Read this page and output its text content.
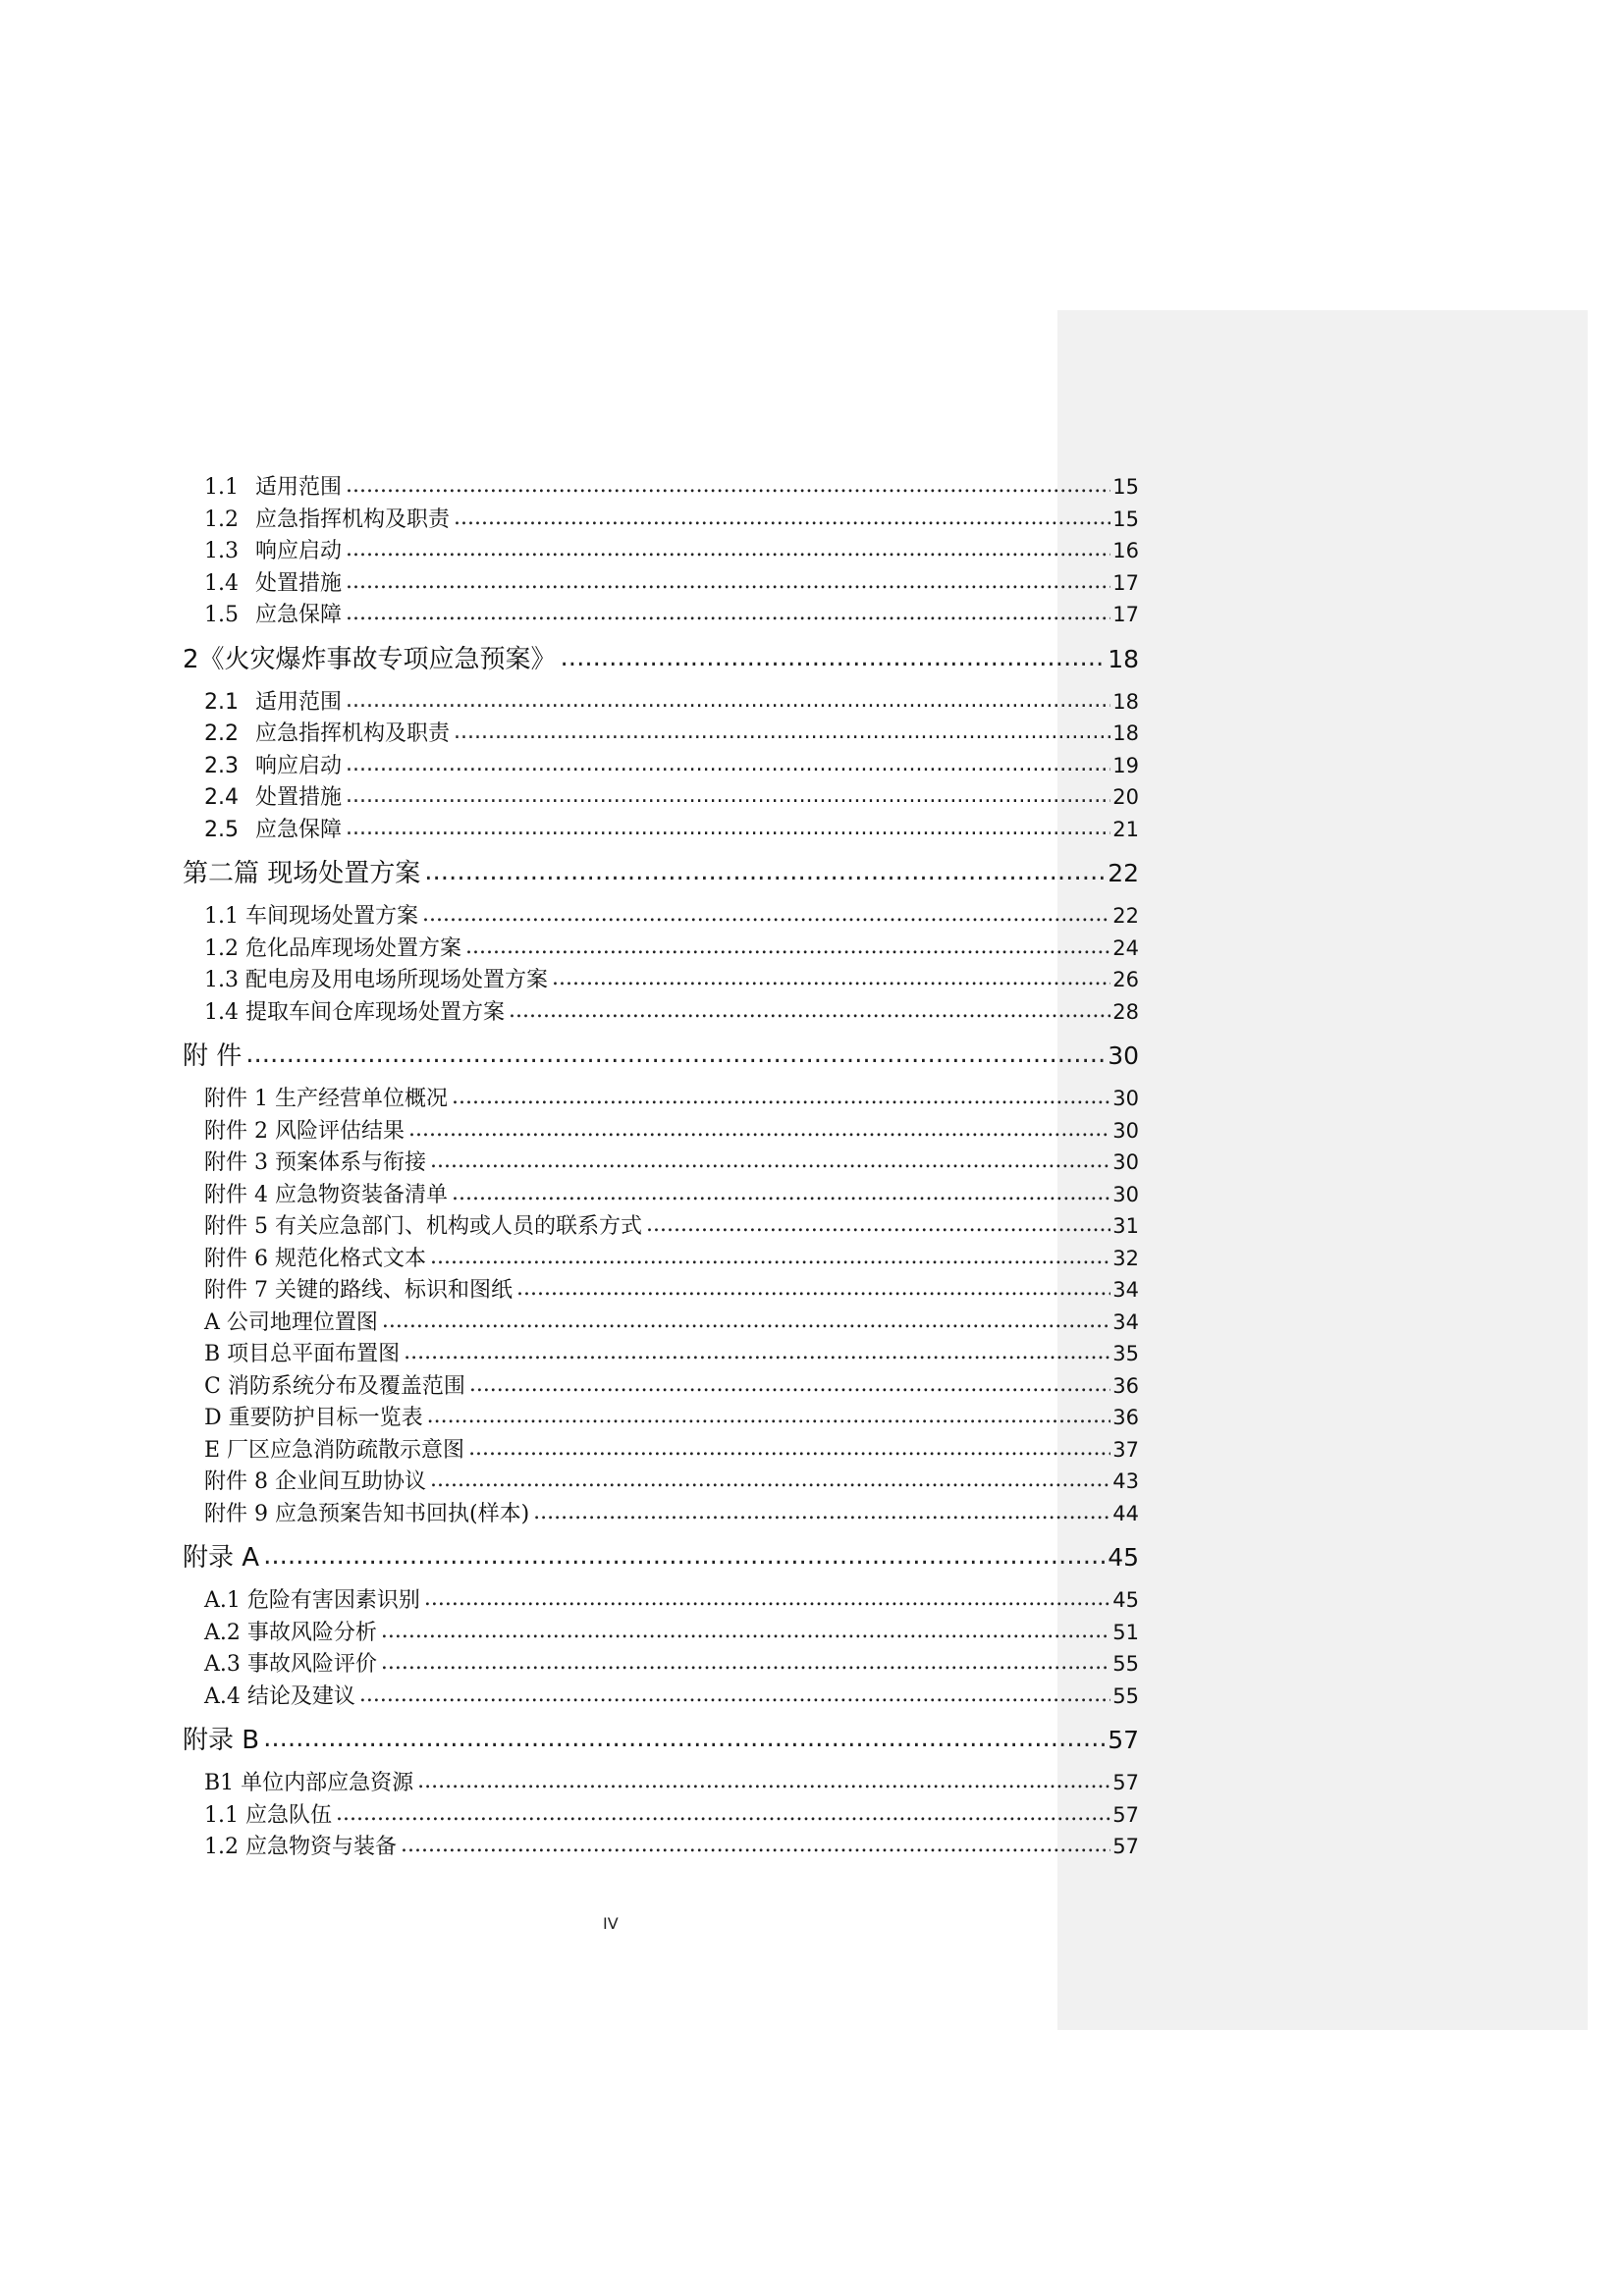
1.1 适用范围 .....	15
1.2 应急指挥机构及职责 .....	15
1.3 响应启动 .....	16
1.4 处置措施 .....	17
1.5 应急保障 .....	17
2《火灾爆炸事故专项应急预案》 .....	18
2.1 适用范围 .....	18
2.2 应急指挥机构及职责 .....	18
2.3 响应启动 .....	19
2.4 处置措施 .....	20
2.5 应急保障 .....	21
第二篇 现场处置方案 .....	22
1.1 车间现场处置方案 .....	22
1.2 危化品库现场处置方案 .....	24
1.3 配电房及用电场所现场处置方案 .....	26
1.4 提取车间仓库现场处置方案 .....	28
附 件 .....	30
附件 1 生产经营单位概况 .....	30
附件 2 风险评估结果 .....	30
附件 3 预案体系与衔接 .....	30
附件 4 应急物资装备清单 .....	30
附件 5 有关应急部门、机构或人员的联系方式 .....	31
附件 6 规范化格式文本 .....	32
附件 7 关键的路线、标识和图纸 .....	34
A 公司地理位置图 .....	34
B 项目总平面布置图 .....	35
C 消防系统分布及覆盖范围 .....	36
D 重要防护目标一览表 .....	36
E 厂区应急消防疏散示意图 .....	37
附件 8 企业间互助协议 .....	43
附件 9 应急预案告知书回执(样本) .....	44
附录 A .....	45
A.1 危险有害因素识别 .....	45
A.2 事故风险分析 .....	51
A.3 事故风险评价 .....	55
A.4 结论及建议 .....	55
附录 B .....	57
B1 单位内部应急资源 .....	57
1.1 应急队伍 .....	57
1.2 应急物资与装备 .....	57
IV
